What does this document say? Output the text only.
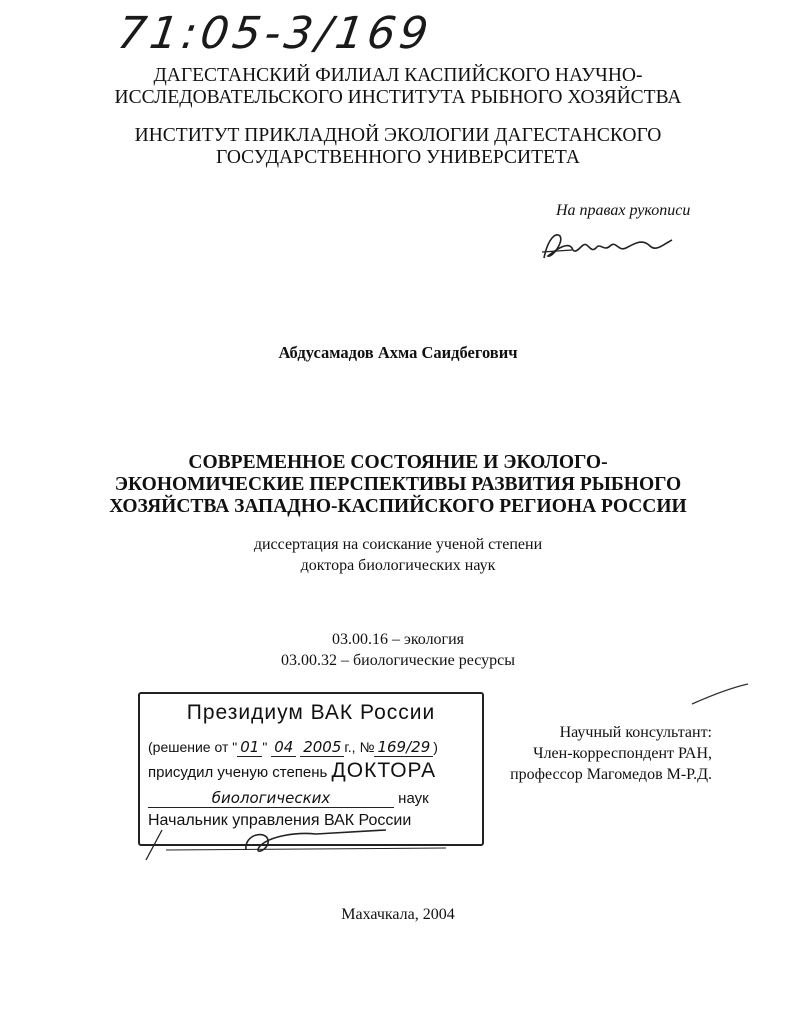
71:05-3/169
ДАГЕСТАНСКИЙ ФИЛИАЛ КАСПИЙСКОГО НАУЧНО-
ИССЛЕДОВАТЕЛЬСКОГО ИНСТИТУТА РЫБНОГО ХОЗЯЙСТВА
ИНСТИТУТ ПРИКЛАДНОЙ ЭКОЛОГИИ ДАГЕСТАНСКОГО
ГОСУДАРСТВЕННОГО УНИВЕРСИТЕТА
На правах рукописи
Абдусамадов Ахма Саидбегович
СОВРЕМЕННОЕ СОСТОЯНИЕ И ЭКОЛОГО-
ЭКОНОМИЧЕСКИЕ ПЕРСПЕКТИВЫ РАЗВИТИЯ РЫБНОГО
ХОЗЯЙСТВА ЗАПАДНО-КАСПИЙСКОГО РЕГИОНА РОССИИ
диссертация на соискание ученой степени
доктора биологических наук
03.00.16 – экология
03.00.32 – биологические ресурсы
Президиум ВАК России
(решение от " 01 " 04 2005 г., № 169/29 )
присудил ученую степень ДОКТОРА
биологических	наук
Начальник управления ВАК России
Научный консультант:
Член-корреспондент РАН,
профессор Магомедов М-Р.Д.
Махачкала, 2004
